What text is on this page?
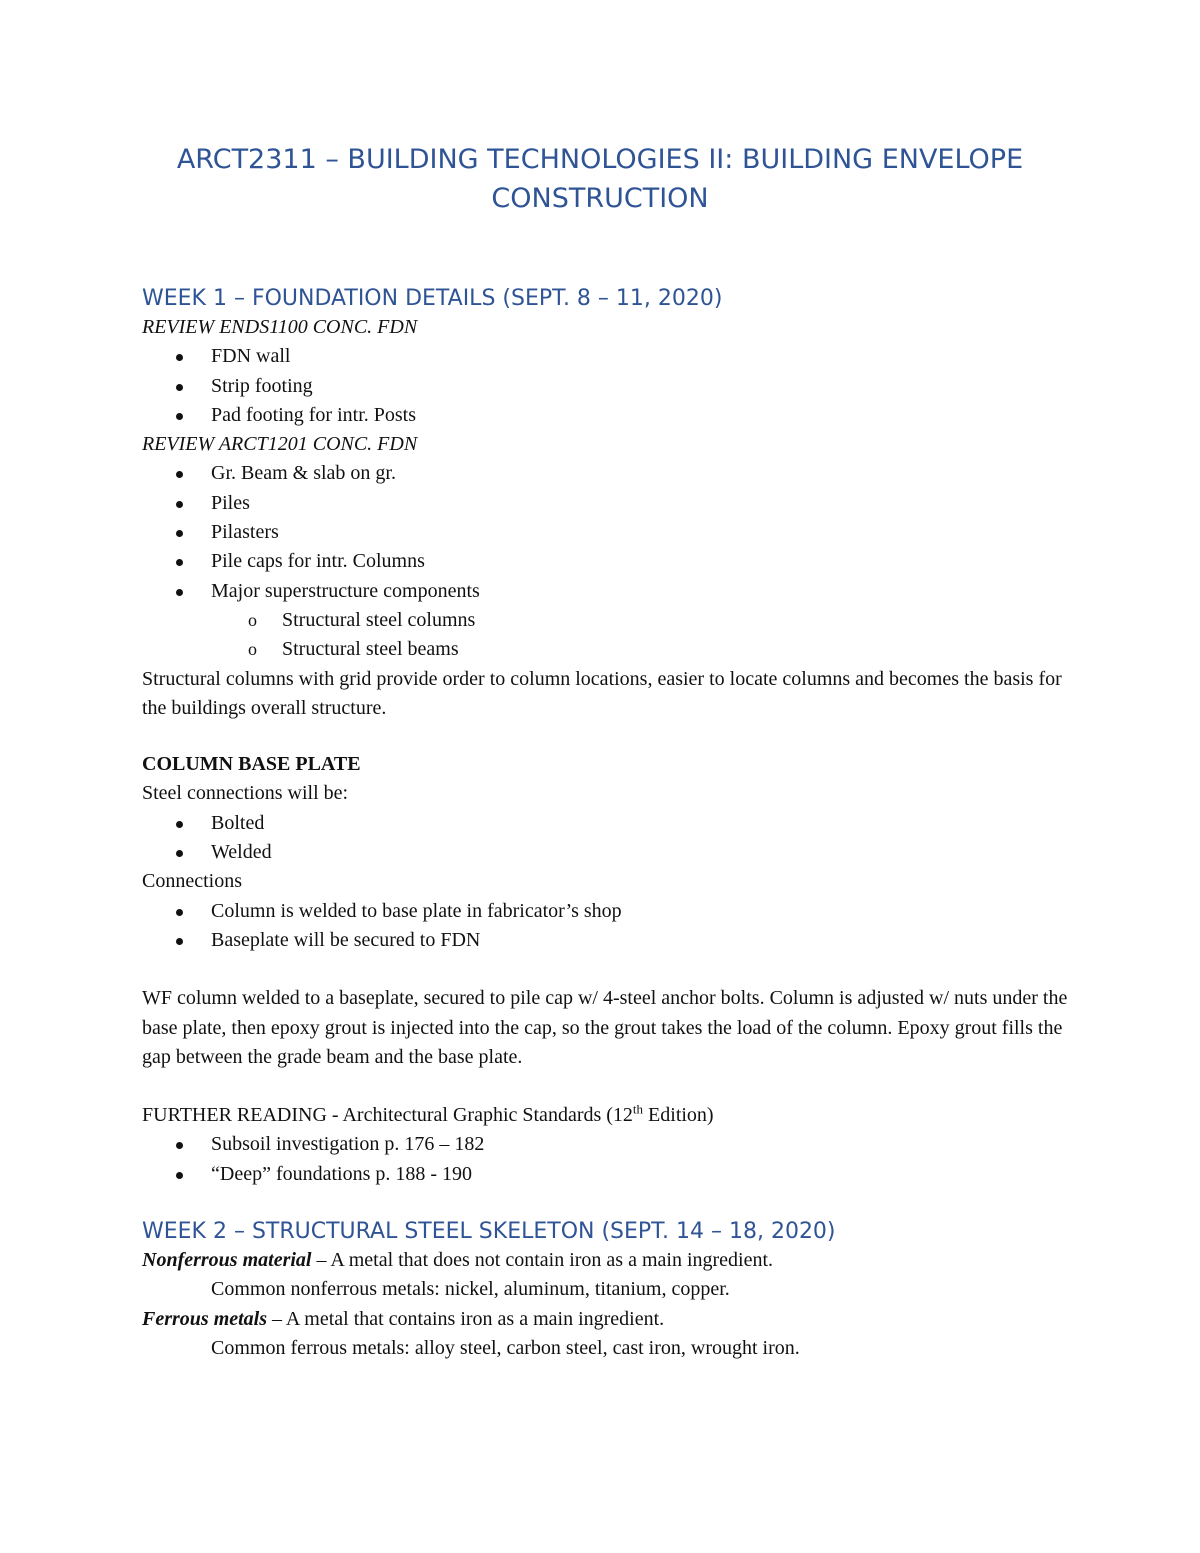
ARCT2311 – BUILDING TECHNOLOGIES II: BUILDING ENVELOPE CONSTRUCTION
WEEK 1 – FOUNDATION DETAILS (SEPT. 8 – 11, 2020)

REVIEW ENDS1100 CONC. FDN

FDN wall
Strip footing
Pad footing for intr. Posts

REVIEW ARCT1201 CONC. FDN

Gr. Beam & slab on gr.
Piles
Pilasters
Pile caps for intr. Columns
Major superstructure components
o Structural steel columns
o Structural steel beams

Structural columns with grid provide order to column locations, easier to locate columns and becomes the basis for the buildings overall structure.

COLUMN BASE PLATE

Steel connections will be:

Bolted
Welded

Connections

Column is welded to base plate in fabricator’s shop
Baseplate will be secured to FDN

WF column welded to a baseplate, secured to pile cap w/ 4-steel anchor bolts. Column is adjusted w/ nuts under the base plate, then epoxy grout is injected into the cap, so the grout takes the load of the column. Epoxy grout fills the gap between the grade beam and the base plate.

FURTHER READING - Architectural Graphic Standards (12th Edition)

Subsoil investigation p. 176 – 182
“Deep” foundations p. 188 - 190
WEEK 2 – STRUCTURAL STEEL SKELETON (SEPT. 14 – 18, 2020)

Nonferrous material – A metal that does not contain iron as a main ingredient.

Common nonferrous metals: nickel, aluminum, titanium, copper.

Ferrous metals – A metal that contains iron as a main ingredient.

Common ferrous metals: alloy steel, carbon steel, cast iron, wrought iron.
